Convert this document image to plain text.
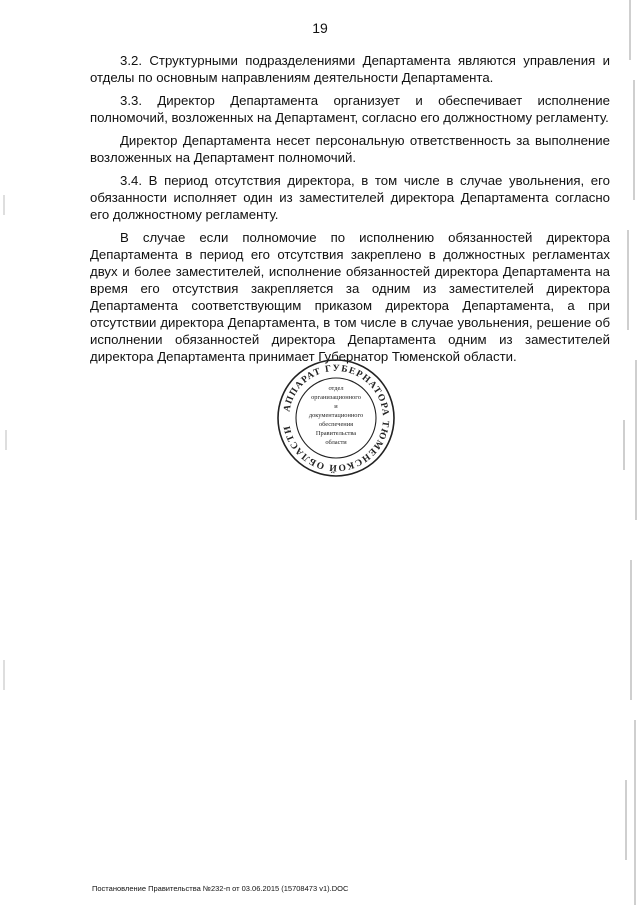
19

3.2. Структурными подразделениями Департамента являются управления и отделы по основным направлениям деятельности Департамента.

3.3. Директор Департамента организует и обеспечивает исполнение полномочий, возложенных на Департамент, согласно его должностному регламенту.

Директор Департамента несет персональную ответственность за выполнение возложенных на Департамент полномочий.

3.4. В период отсутствия директора, в том числе в случае увольнения, его обязанности исполняет один из заместителей директора Департамента согласно его должностному регламенту.

В случае если полномочие по исполнению обязанностей директора Департамента в период его отсутствия закреплено в должностных регламентах двух и более заместителей, исполнение обязанностей директора Департамента на время его отсутствия закрепляется за одним из заместителей директора Департамента соответствующим приказом директора Департамента, а при отсутствии директора Департамента, в том числе в случае увольнения, решение об исполнении обязанностей директора Департамента одним из заместителей директора Департамента принимает Губернатор Тюменской области.

АППАРАТ ГУБЕРНАТОРА ТЮМЕНСКОЙ ОБЛАСТИ
отдел
организационного
и
документационного
обеспечения
Правительства
области
Постановление Правительства №232-п от 03.06.2015 (15708473 v1).DOC
